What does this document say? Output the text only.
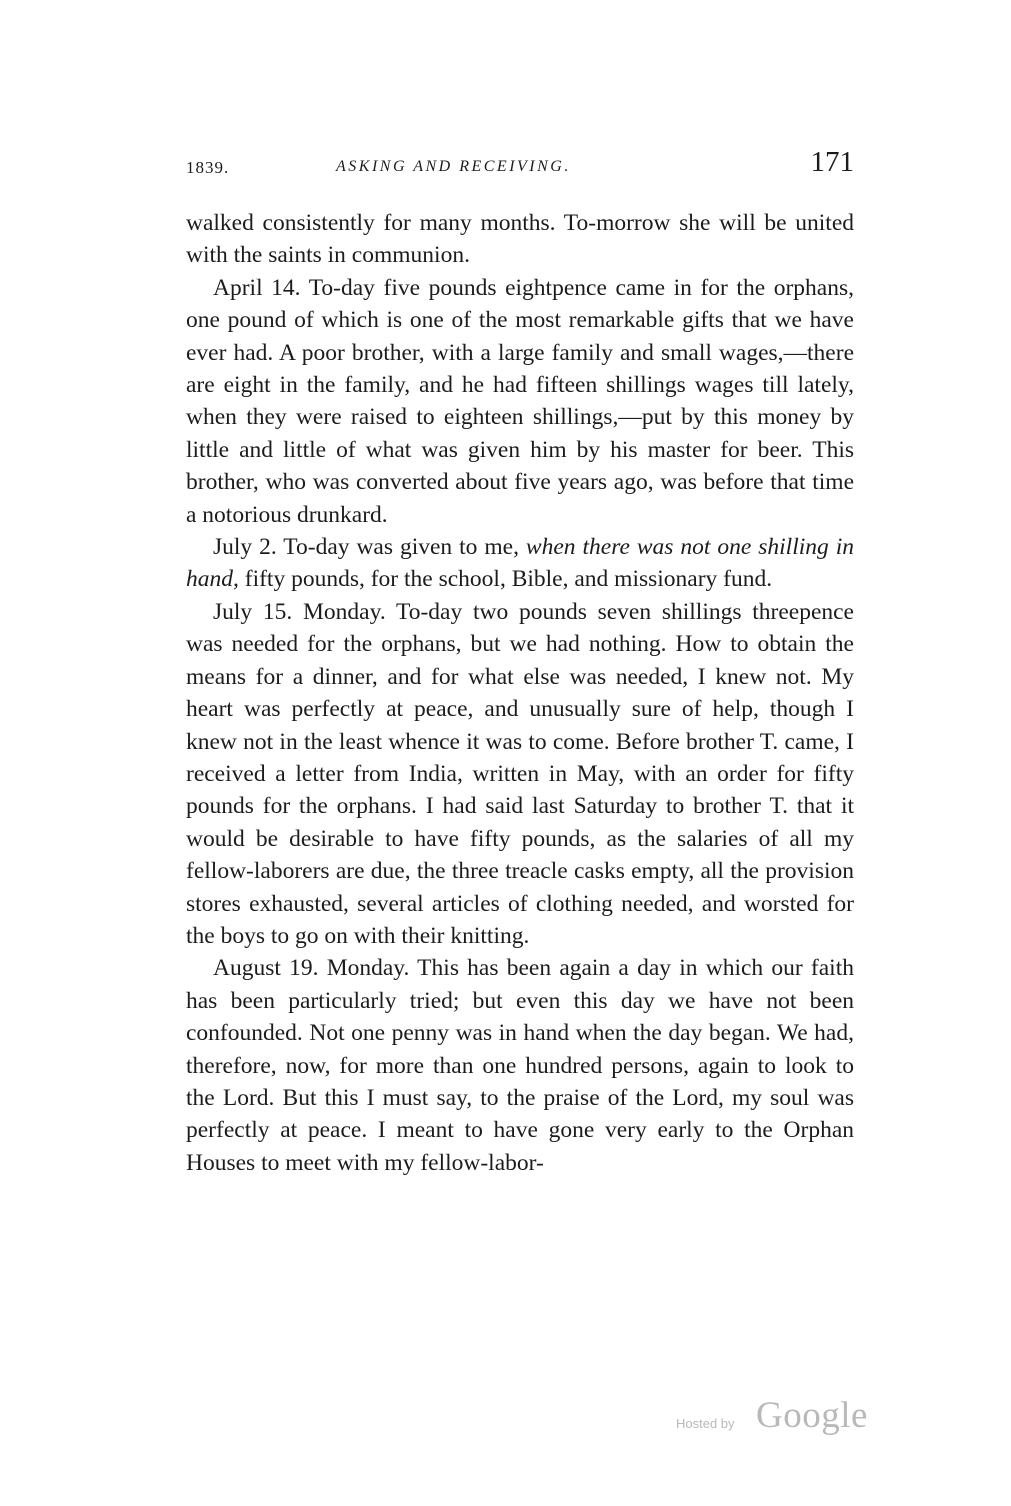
1839.	ASKING AND RECEIVING.	171

walked consistently for many months. To-morrow she will be united with the saints in communion.

April 14. To-day five pounds eightpence came in for the orphans, one pound of which is one of the most remarkable gifts that we have ever had. A poor brother, with a large family and small wages,—there are eight in the family, and he had fifteen shillings wages till lately, when they were raised to eighteen shillings,—put by this money by little and little of what was given him by his master for beer. This brother, who was converted about five years ago, was before that time a notorious drunkard.

July 2. To-day was given to me, when there was not one shilling in hand, fifty pounds, for the school, Bible, and missionary fund.

July 15. Monday. To-day two pounds seven shillings threepence was needed for the orphans, but we had nothing. How to obtain the means for a dinner, and for what else was needed, I knew not. My heart was perfectly at peace, and unusually sure of help, though I knew not in the least whence it was to come. Before brother T. came, I received a letter from India, written in May, with an order for fifty pounds for the orphans. I had said last Saturday to brother T. that it would be desirable to have fifty pounds, as the salaries of all my fellow-laborers are due, the three treacle casks empty, all the provision stores exhausted, several articles of clothing needed, and worsted for the boys to go on with their knitting.

August 19. Monday. This has been again a day in which our faith has been particularly tried; but even this day we have not been confounded. Not one penny was in hand when the day began. We had, therefore, now, for more than one hundred persons, again to look to the Lord. But this I must say, to the praise of the Lord, my soul was perfectly at peace. I meant to have gone very early to the Orphan Houses to meet with my fellow-labor-

Hosted by Google
